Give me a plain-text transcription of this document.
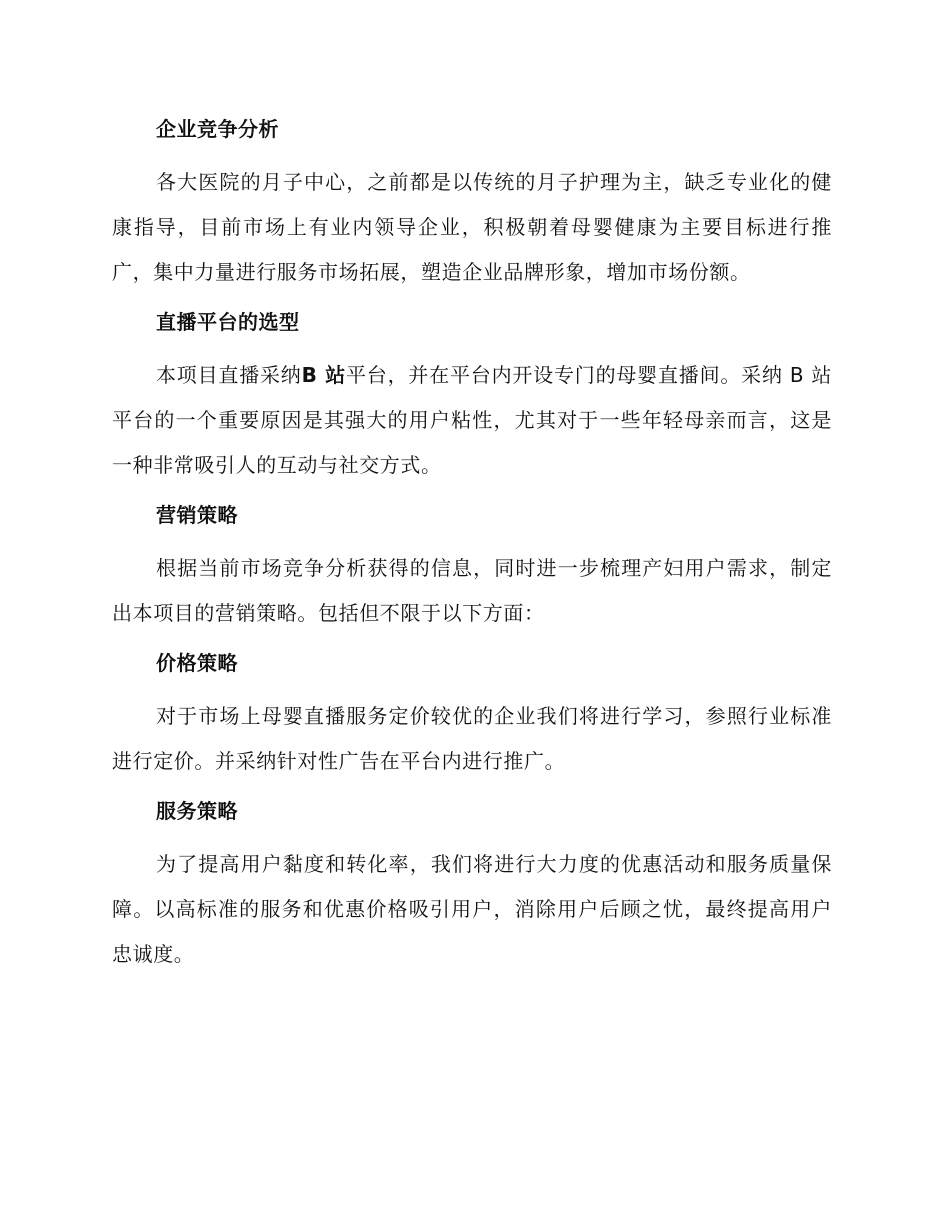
企业竞争分析
各大医院的月子中心，之前都是以传统的月子护理为主，缺乏专业化的健康指导，目前市场上有业内领导企业，积极朝着母婴健康为主要目标进行推广，集中力量进行服务市场拓展，塑造企业品牌形象，增加市场份额。
直播平台的选型
本项目直播采纳B 站平台，并在平台内开设专门的母婴直播间。采纳 B 站平台的一个重要原因是其强大的用户粘性，尤其对于一些年轻母亲而言，这是一种非常吸引人的互动与社交方式。
营销策略
根据当前市场竞争分析获得的信息，同时进一步梳理产妇用户需求，制定出本项目的营销策略。包括但不限于以下方面：
价格策略
对于市场上母婴直播服务定价较优的企业我们将进行学习，参照行业标准进行定价。并采纳针对性广告在平台内进行推广。
服务策略
为了提高用户黏度和转化率，我们将进行大力度的优惠活动和服务质量保障。以高标准的服务和优惠价格吸引用户，消除用户后顾之忧，最终提高用户忠诚度。
